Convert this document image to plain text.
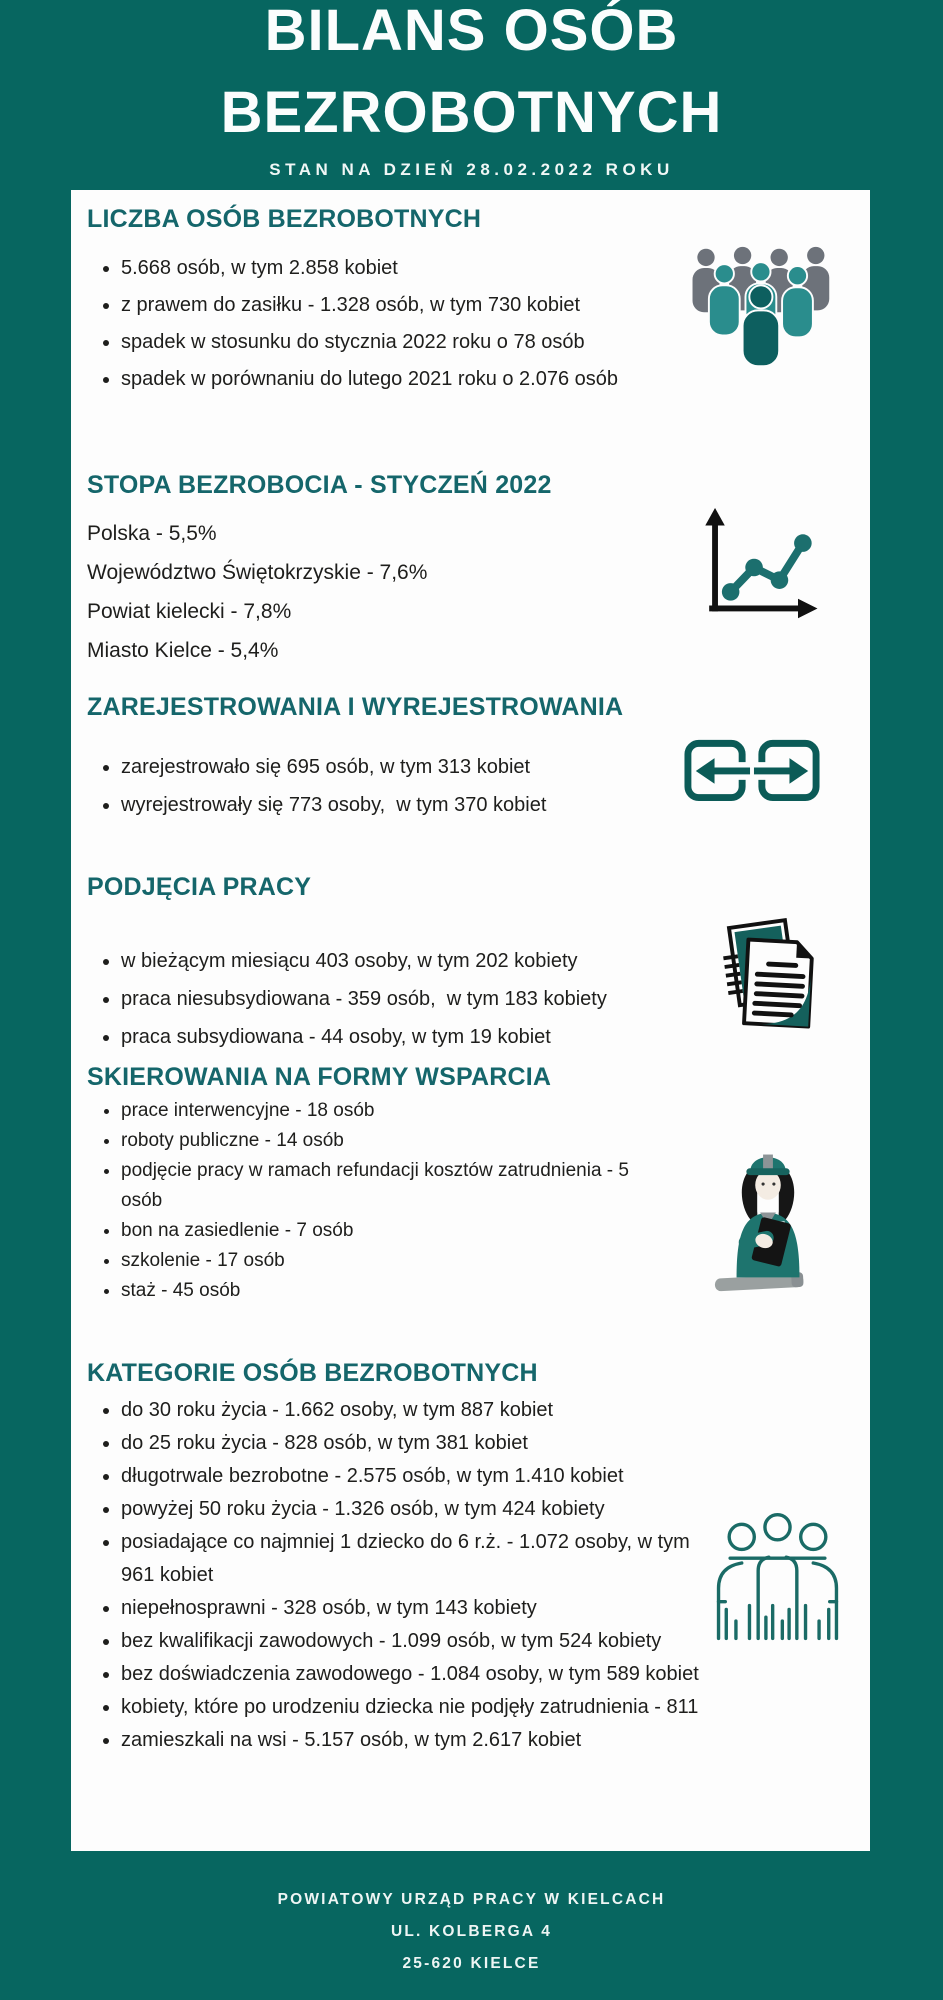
BILANS OSÓB
BEZROBOTNYCH
STAN NA DZIEŃ 28.02.2022 ROKU
LICZBA OSÓB BEZROBOTNYCH
• 5.668 osób, w tym 2.858 kobiet
• z prawem do zasiłku - 1.328 osób, w tym 730 kobiet
• spadek w stosunku do stycznia 2022 roku o 78 osób
• spadek w porównaniu do lutego 2021 roku o 2.076 osób
STOPA BEZROBOCIA - STYCZEŃ 2022

Polska - 5,5%

Województwo Świętokrzyskie - 7,6%

Powiat kielecki - 7,8%

Miasto Kielce - 5,4%

ZAREJESTROWANIA I WYREJESTROWANIA
• zarejestrowało się 695 osób, w tym 313 kobiet
• wyrejestrowały się 773 osoby,  w tym 370 kobiet
PODJĘCIA PRACY
• w bieżącym miesiącu 403 osoby, w tym 202 kobiety
• praca niesubsydiowana - 359 osób,  w tym 183 kobiety
• praca subsydiowana - 44 osoby, w tym 19 kobiet
SKIEROWANIA NA FORMY WSPARCIA
• prace interwencyjne - 18 osób
• roboty publiczne - 14 osób
• podjęcie pracy w ramach refundacji kosztów zatrudnienia - 5 osób
• bon na zasiedlenie - 7 osób
• szkolenie - 17 osób
• staż - 45 osób
KATEGORIE OSÓB BEZROBOTNYCH
• do 30 roku życia - 1.662 osoby, w tym 887 kobiet
• do 25 roku życia - 828 osób, w tym 381 kobiet
• długotrwale bezrobotne - 2.575 osób, w tym 1.410 kobiet
• powyżej 50 roku życia - 1.326 osób, w tym 424 kobiety
• posiadające co najmniej 1 dziecko do 6 r.ż. - 1.072 osoby, w tym 961 kobiet
• niepełnosprawni - 328 osób, w tym 143 kobiety
• bez kwalifikacji zawodowych - 1.099 osób, w tym 524 kobiety
• bez doświadczenia zawodowego - 1.084 osoby, w tym 589 kobiet
• kobiety, które po urodzeniu dziecka nie podjęły zatrudnienia - 811
• zamieszkali na wsi - 5.157 osób, w tym 2.617 kobiet
POWIATOWY URZĄD PRACY W KIELCACH
UL. KOLBERGA 4
25-620 KIELCE
